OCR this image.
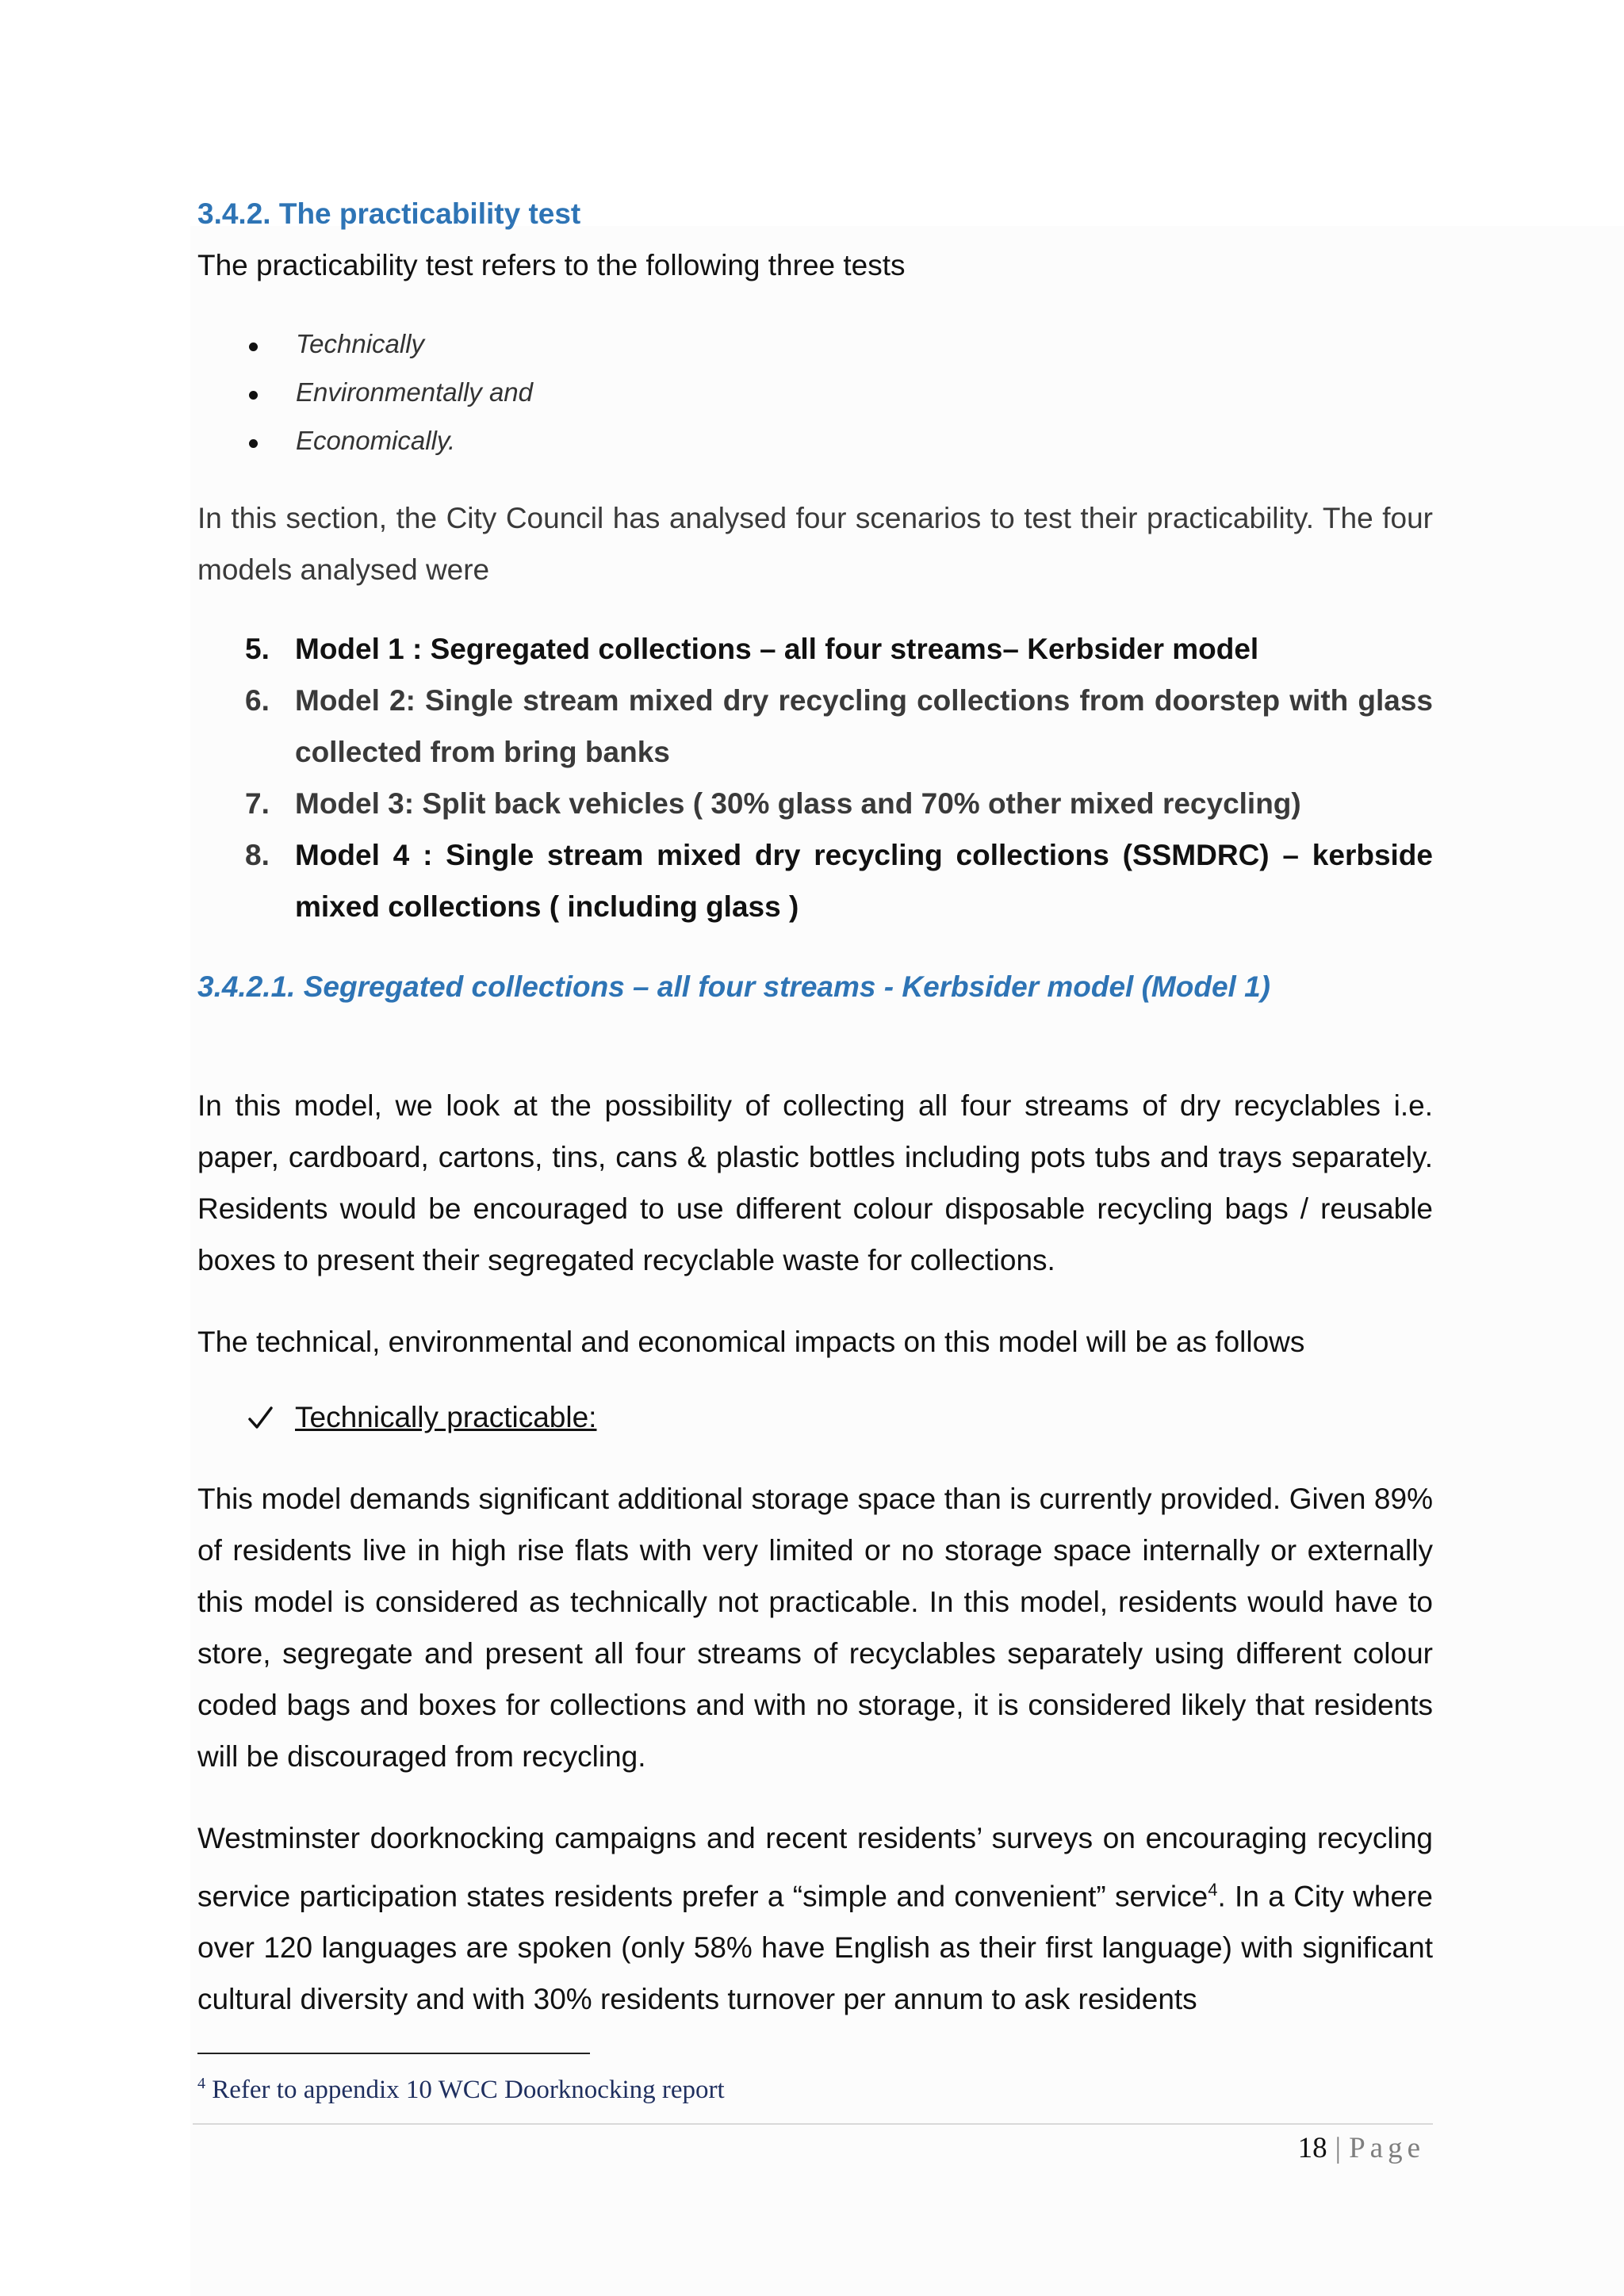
3.4.2. The practicability test
The practicability test refers to the following three tests
Technically
Environmentally and
Economically.
In this section, the City Council has analysed four scenarios to test their practicability. The four models analysed were
5. Model 1 : Segregated collections – all four streams– Kerbsider model
6. Model 2: Single stream mixed dry recycling collections from doorstep with glass collected from bring banks
7. Model 3: Split back vehicles ( 30% glass and 70% other mixed recycling)
8. Model 4 : Single stream mixed dry recycling collections (SSMDRC) – kerbside mixed collections ( including glass )
3.4.2.1. Segregated collections – all four streams - Kerbsider model (Model 1)
In this model, we look at the possibility of collecting all four streams of dry recyclables i.e. paper, cardboard, cartons, tins, cans & plastic bottles including pots tubs and trays separately. Residents would be encouraged to use different colour disposable recycling bags / reusable boxes to present their segregated recyclable waste for collections.
The technical, environmental and economical impacts on this model will be as follows
Technically practicable:
This model demands significant additional storage space than is currently provided. Given 89% of residents live in high rise flats with very limited or no storage space internally or externally this model is considered as technically not practicable. In this model, residents would have to store, segregate and present all four streams of recyclables separately using different colour coded bags and boxes for collections and with no storage, it is considered likely that residents will be discouraged from recycling.
Westminster doorknocking campaigns and recent residents’ surveys on encouraging recycling service participation states residents prefer a “simple and convenient” service$^4$. In a City where over 120 languages are spoken (only 58% have English as their first language) with significant cultural diversity and with 30% residents turnover per annum to ask residents
$^4$ Refer to appendix 10 WCC Doorknocking report
18 | Page
